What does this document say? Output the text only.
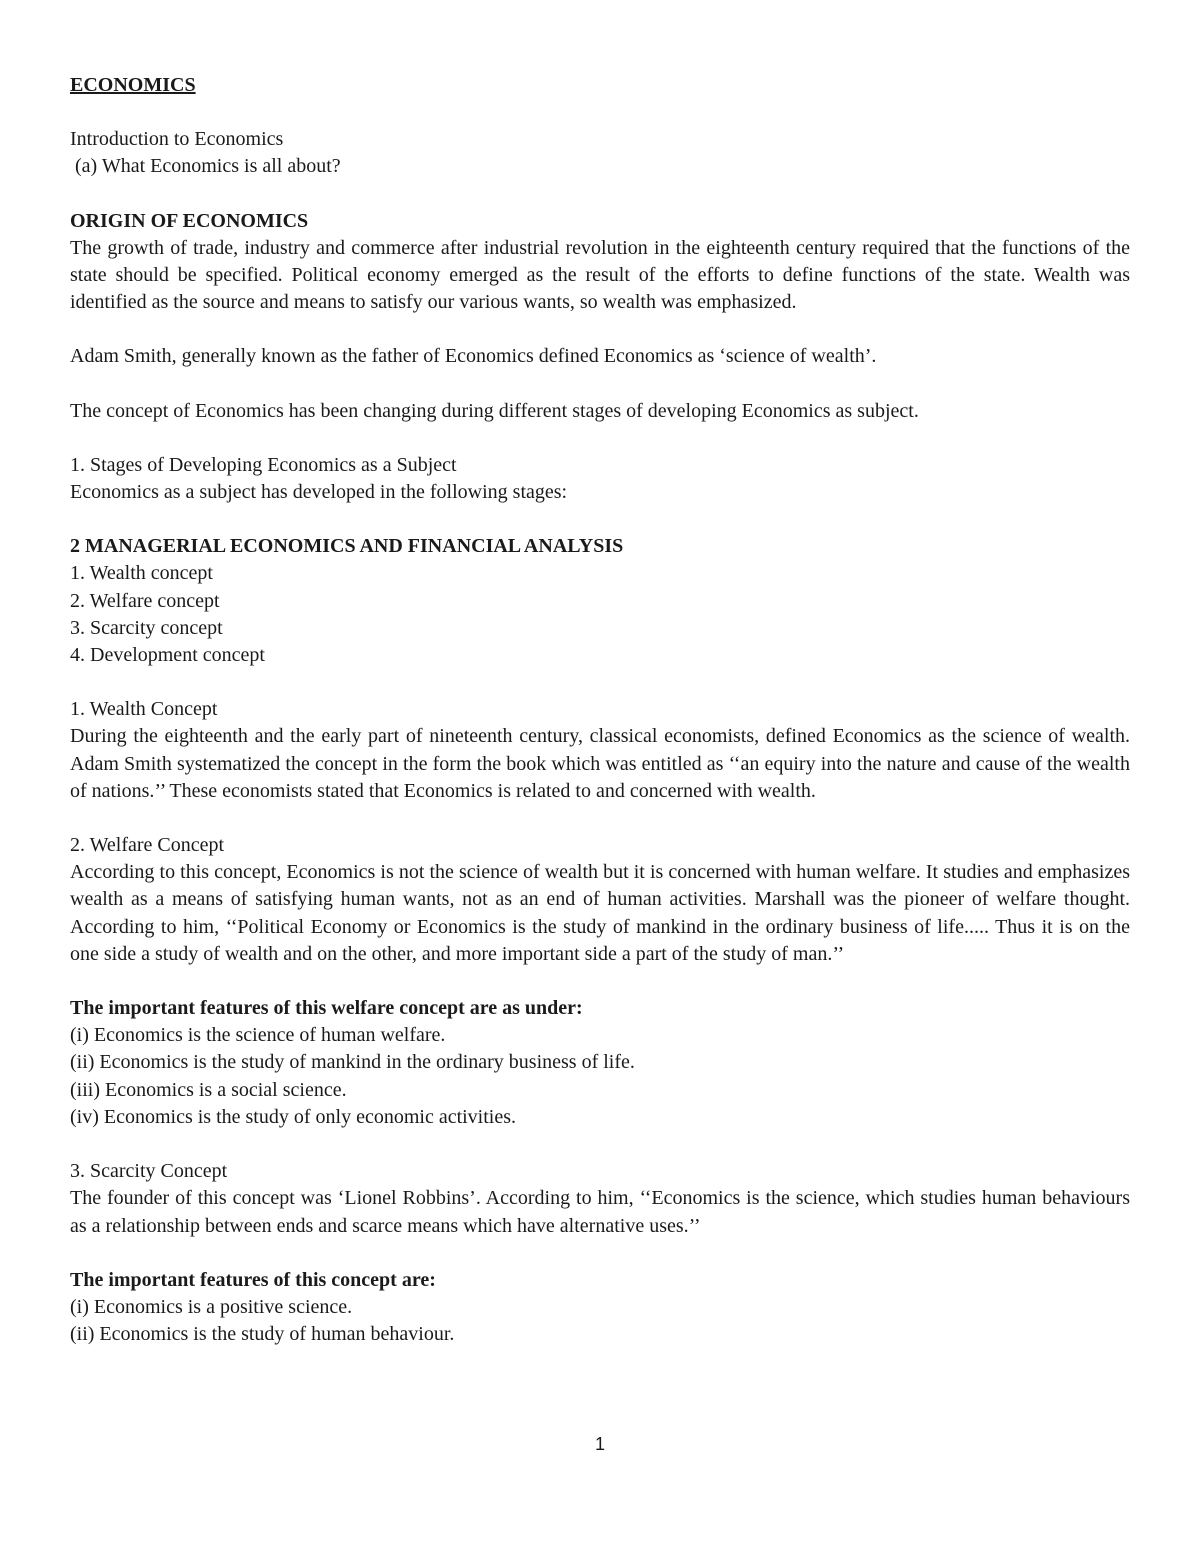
ECONOMICS

Introduction to Economics

(a) What Economics is all about?

ORIGIN OF ECONOMICS

The growth of trade, industry and commerce after industrial revolution in the eighteenth century required that the functions of the state should be specified. Political economy emerged as the result of the efforts to define functions of the state. Wealth was identified as the source and means to satisfy our various wants, so wealth was emphasized.

Adam Smith, generally known as the father of Economics defined Economics as ‘science of wealth’.

The concept of Economics has been changing during different stages of developing Economics as subject.

1. Stages of Developing Economics as a Subject

Economics as a subject has developed in the following stages:

2 MANAGERIAL ECONOMICS AND FINANCIAL ANALYSIS

1. Wealth concept

2. Welfare concept

3. Scarcity concept

4. Development concept

1. Wealth Concept

During the eighteenth and the early part of nineteenth century, classical economists, defined Economics as the science of wealth. Adam Smith systematized the concept in the form the book which was entitled as ‘‘an equiry into the nature and cause of the wealth of nations.’’ These economists stated that Economics is related to and concerned with wealth.

2. Welfare Concept

According to this concept, Economics is not the science of wealth but it is concerned with human welfare. It studies and emphasizes wealth as a means of satisfying human wants, not as an end of human activities. Marshall was the pioneer of welfare thought. According to him, ‘‘Political Economy or Economics is the study of mankind in the ordinary business of life..... Thus it is on the one side a study of wealth and on the other, and more important side a part of the study of man.’’

The important features of this welfare concept are as under:

(i) Economics is the science of human welfare.

(ii) Economics is the study of mankind in the ordinary business of life.

(iii) Economics is a social science.

(iv) Economics is the study of only economic activities.

3. Scarcity Concept

The founder of this concept was ‘Lionel Robbins’. According to him, ‘‘Economics is the science, which studies human behaviours as a relationship between ends and scarce means which have alternative uses.’’

The important features of this concept are:

(i) Economics is a positive science.

(ii) Economics is the study of human behaviour.

1
